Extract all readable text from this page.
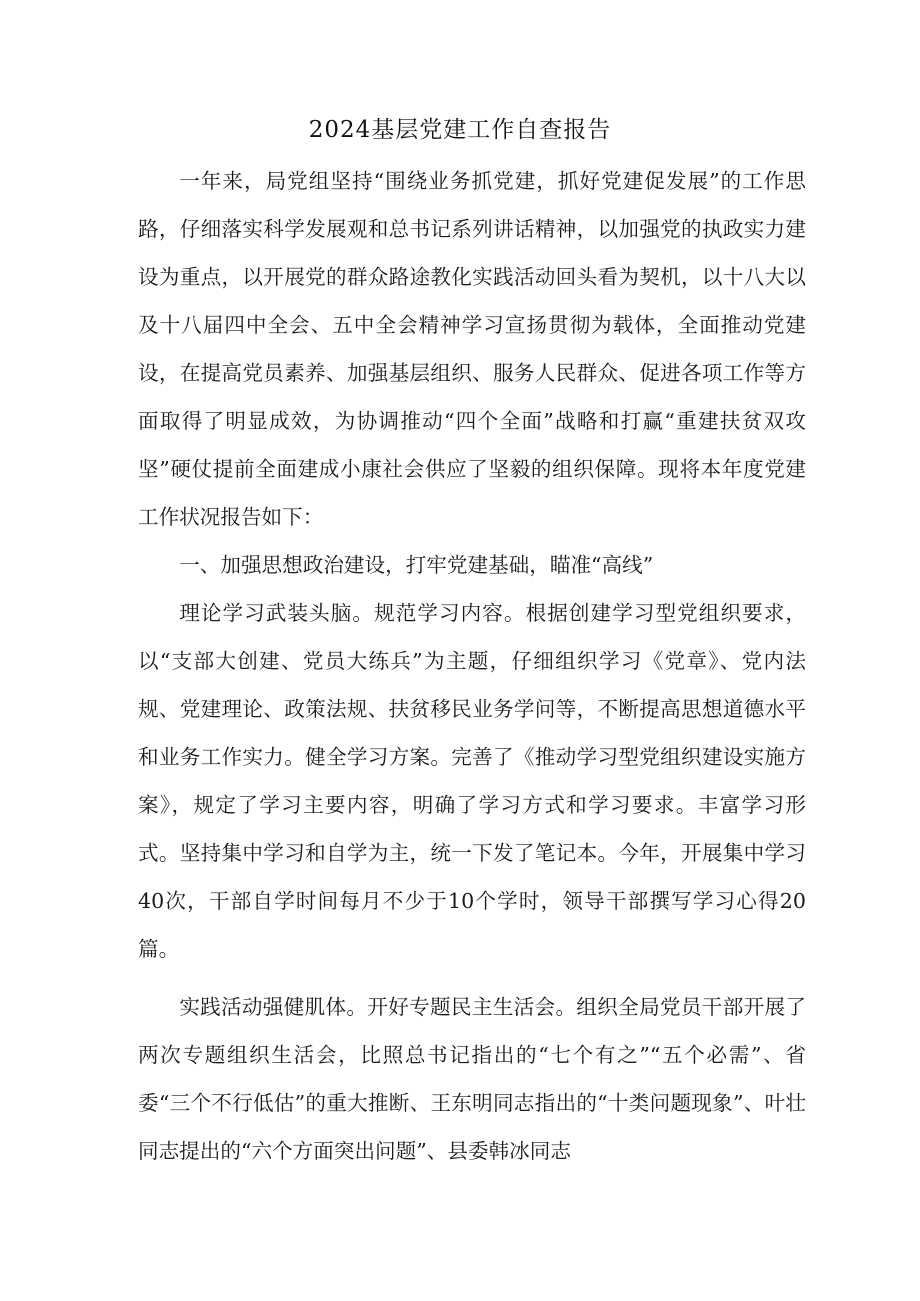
2024基层党建工作自查报告

一年来，局党组坚持“围绕业务抓党建，抓好党建促发展”的工作思路，仔细落实科学发展观和总书记系列讲话精神，以加强党的执政实力建设为重点，以开展党的群众路途教化实践活动回头看为契机，以十八大以及十八届四中全会、五中全会精神学习宣扬贯彻为载体，全面推动党建设，在提高党员素养、加强基层组织、服务人民群众、促进各项工作等方面取得了明显成效，为协调推动“四个全面”战略和打赢“重建扶贫双攻坚”硬仗提前全面建成小康社会供应了坚毅的组织保障。现将本年度党建工作状况报告如下：

一、加强思想政治建设，打牢党建基础，瞄准“高线”

理论学习武装头脑。规范学习内容。根据创建学习型党组织要求，以“支部大创建、党员大练兵”为主题，仔细组织学习《党章》、党内法规、党建理论、政策法规、扶贫移民业务学问等，不断提高思想道德水平和业务工作实力。健全学习方案。完善了《推动学习型党组织建设实施方案》，规定了学习主要内容，明确了学习方式和学习要求。丰富学习形式。坚持集中学习和自学为主，统一下发了笔记本。今年，开展集中学习40次，干部自学时间每月不少于10个学时，领导干部撰写学习心得20篇。

实践活动强健肌体。开好专题民主生活会。组织全局党员干部开展了两次专题组织生活会，比照总书记指出的“七个有之”“五个必需”、省委“三个不行低估”的重大推断、王东明同志指出的“十类问题现象”、叶壮同志提出的“六个方面突出问题”、县委韩冰同志
